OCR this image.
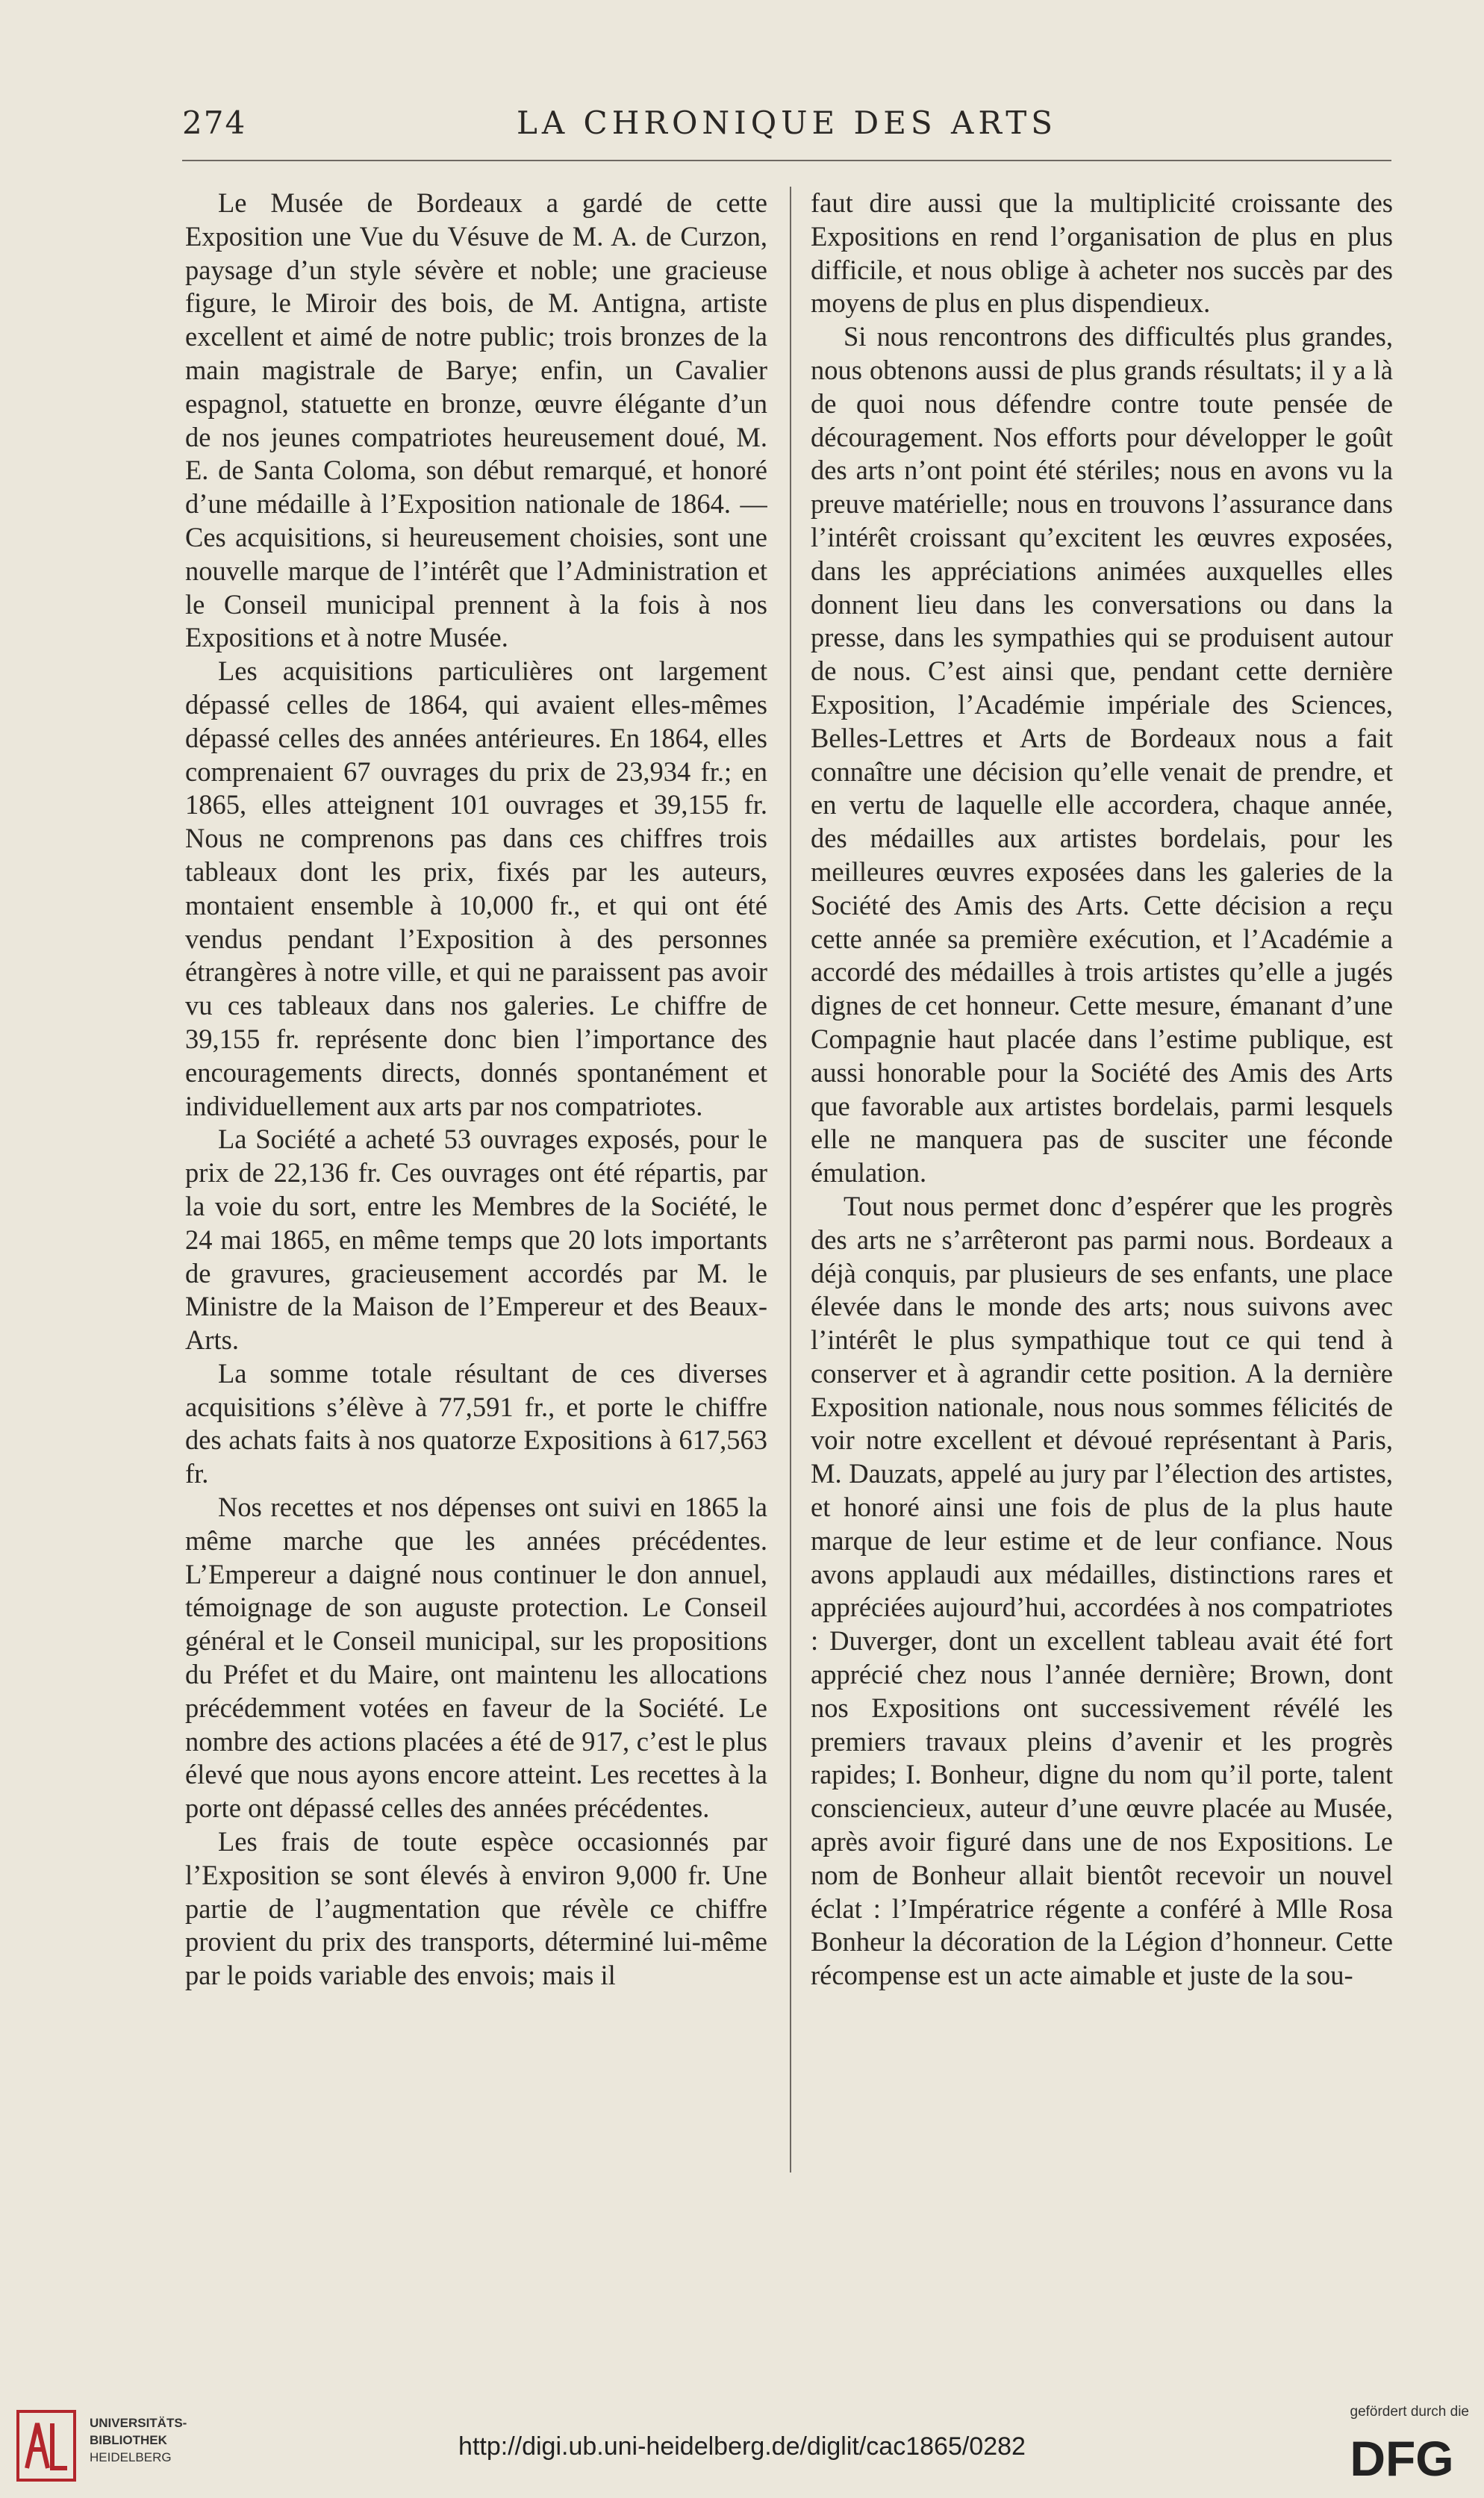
274	LA CHRONIQUE DES ARTS

Le Musée de Bordeaux a gardé de cette Exposition une Vue du Vésuve de M. A. de Curzon, paysage d’un style sévère et noble; une gracieuse figure, le Miroir des bois, de M. Antigna, artiste excellent et aimé de notre public; trois bronzes de la main magistrale de Barye; enfin, un Cavalier espagnol, statuette en bronze, œuvre élégante d’un de nos jeunes compatriotes heureusement doué, M. E. de Santa Coloma, son début remarqué, et honoré d’une médaille à l’Exposition nationale de 1864. — Ces acquisitions, si heureusement choisies, sont une nouvelle marque de l’intérêt que l’Administration et le Conseil municipal prennent à la fois à nos Expositions et à notre Musée.

Les acquisitions particulières ont largement dépassé celles de 1864, qui avaient elles-mêmes dépassé celles des années antérieures. En 1864, elles comprenaient 67 ouvrages du prix de 23,934 fr.; en 1865, elles atteignent 101 ouvrages et 39,155 fr. Nous ne comprenons pas dans ces chiffres trois tableaux dont les prix, fixés par les auteurs, montaient ensemble à 10,000 fr., et qui ont été vendus pendant l’Exposition à des personnes étrangères à notre ville, et qui ne paraissent pas avoir vu ces tableaux dans nos galeries. Le chiffre de 39,155 fr. représente donc bien l’importance des encouragements directs, donnés spontanément et individuellement aux arts par nos compatriotes.

La Société a acheté 53 ouvrages exposés, pour le prix de 22,136 fr. Ces ouvrages ont été répartis, par la voie du sort, entre les Membres de la Société, le 24 mai 1865, en même temps que 20 lots importants de gravures, gracieusement accordés par M. le Ministre de la Maison de l’Empereur et des Beaux-Arts.

La somme totale résultant de ces diverses acquisitions s’élève à 77,591 fr., et porte le chiffre des achats faits à nos quatorze Expositions à 617,563 fr.

Nos recettes et nos dépenses ont suivi en 1865 la même marche que les années précédentes. L’Empereur a daigné nous continuer le don annuel, témoignage de son auguste protection. Le Conseil général et le Conseil municipal, sur les propositions du Préfet et du Maire, ont maintenu les allocations précédemment votées en faveur de la Société. Le nombre des actions placées a été de 917, c’est le plus élevé que nous ayons encore atteint. Les recettes à la porte ont dépassé celles des années précédentes.

Les frais de toute espèce occasionnés par l’Exposition se sont élevés à environ 9,000 fr. Une partie de l’augmentation que révèle ce chiffre provient du prix des transports, déterminé lui-même par le poids variable des envois; mais il

faut dire aussi que la multiplicité croissante des Expositions en rend l’organisation de plus en plus difficile, et nous oblige à acheter nos succès par des moyens de plus en plus dispendieux.

Si nous rencontrons des difficultés plus grandes, nous obtenons aussi de plus grands résultats; il y a là de quoi nous défendre contre toute pensée de découragement. Nos efforts pour développer le goût des arts n’ont point été stériles; nous en avons vu la preuve matérielle; nous en trouvons l’assurance dans l’intérêt croissant qu’excitent les œuvres exposées, dans les appréciations animées auxquelles elles donnent lieu dans les conversations ou dans la presse, dans les sympathies qui se produisent autour de nous. C’est ainsi que, pendant cette dernière Exposition, l’Académie impériale des Sciences, Belles-Lettres et Arts de Bordeaux nous a fait connaître une décision qu’elle venait de prendre, et en vertu de laquelle elle accordera, chaque année, des médailles aux artistes bordelais, pour les meilleures œuvres exposées dans les galeries de la Société des Amis des Arts. Cette décision a reçu cette année sa première exécution, et l’Académie a accordé des médailles à trois artistes qu’elle a jugés dignes de cet honneur. Cette mesure, émanant d’une Compagnie haut placée dans l’estime publique, est aussi honorable pour la Société des Amis des Arts que favorable aux artistes bordelais, parmi lesquels elle ne manquera pas de susciter une féconde émulation.

Tout nous permet donc d’espérer que les progrès des arts ne s’arrêteront pas parmi nous. Bordeaux a déjà conquis, par plusieurs de ses enfants, une place élevée dans le monde des arts; nous suivons avec l’intérêt le plus sympathique tout ce qui tend à conserver et à agrandir cette position. A la dernière Exposition nationale, nous nous sommes félicités de voir notre excellent et dévoué représentant à Paris, M. Dauzats, appelé au jury par l’élection des artistes, et honoré ainsi une fois de plus de la plus haute marque de leur estime et de leur confiance. Nous avons applaudi aux médailles, distinctions rares et appréciées aujourd’hui, accordées à nos compatriotes : Duverger, dont un excellent tableau avait été fort apprécié chez nous l’année dernière; Brown, dont nos Expositions ont successivement révélé les premiers travaux pleins d’avenir et les progrès rapides; I. Bonheur, digne du nom qu’il porte, talent consciencieux, auteur d’une œuvre placée au Musée, après avoir figuré dans une de nos Expositions. Le nom de Bonheur allait bientôt recevoir un nouvel éclat : l’Impératrice régente a conféré à Mlle Rosa Bonheur la décoration de la Légion d’honneur. Cette récompense est un acte aimable et juste de la sou-

UNIVERSITÄTS-
BIBLIOTHEK
HEIDELBERG	http://digi.ub.uni-heidelberg.de/diglit/cac1865/0282
gefördert durch die
DFG
